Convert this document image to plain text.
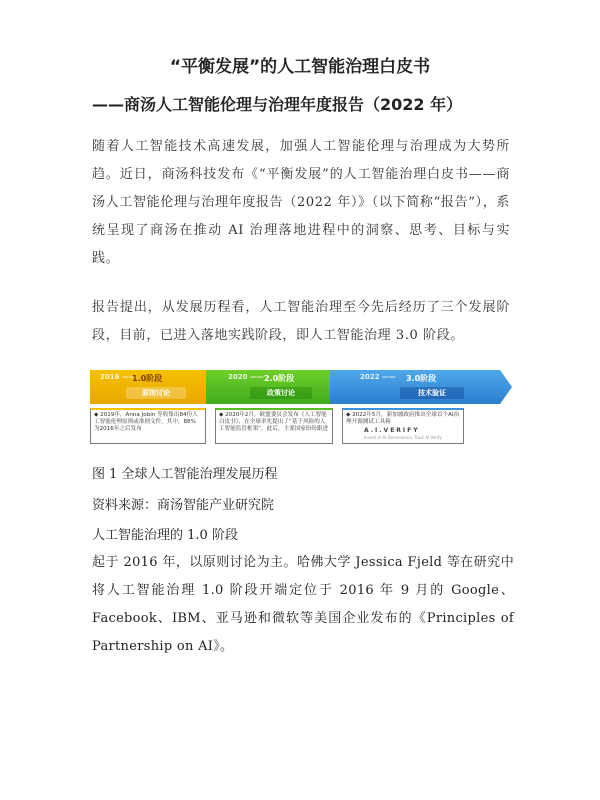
“平衡发展”的人工智能治理白皮书
——商汤人工智能伦理与治理年度报告（2022 年）
随着人工智能技术高速发展，加强人工智能伦理与治理成为大势所趋。近日，商汤科技发布《“平衡发展”的人工智能治理白皮书——商汤人工智能伦理与治理年度报告（2022 年）》（以下简称“报告”），系统呈现了商汤在推动 AI 治理落地进程中的洞察、思考、目标与实践。
报告提出，从发展历程看，人工智能治理至今先后经历了三个发展阶段，目前，已进入落地实践阶段，即人工智能治理 3.0 阶段。
2016 ——
1.0阶段
原则讨论
2020 —— 2.0阶段
政策讨论
2022 —— 3.0阶段
技术验证
◆ 2019年，Anna Jobin 等收集出84份人工智能伦理原则或准则文件，其中，88% 为2016年之后发布
◆ 2020年2月，欧盟委员会发布《人工智能白皮书》，在全球率先提出了“基于风险的人工智能监管框架”，此后，主要国家纷纷跟进
◆ 2022年5月，新加坡政府推出全球首个AI治理开源测试工具箱
A.I.VERIFY
Invest in AI Governance, Trust AI Verify
图 1 全球人工智能治理发展历程
资料来源：商汤智能产业研究院
人工智能治理的 1.0 阶段
起于 2016 年，以原则讨论为主。哈佛大学 Jessica Fjeld 等在研究中将人工智能治理 1.0 阶段开端定位于 2016 年 9 月的 Google、Facebook、IBM、亚马逊和微软等美国企业发布的《Principles of Partnership on AI》。
